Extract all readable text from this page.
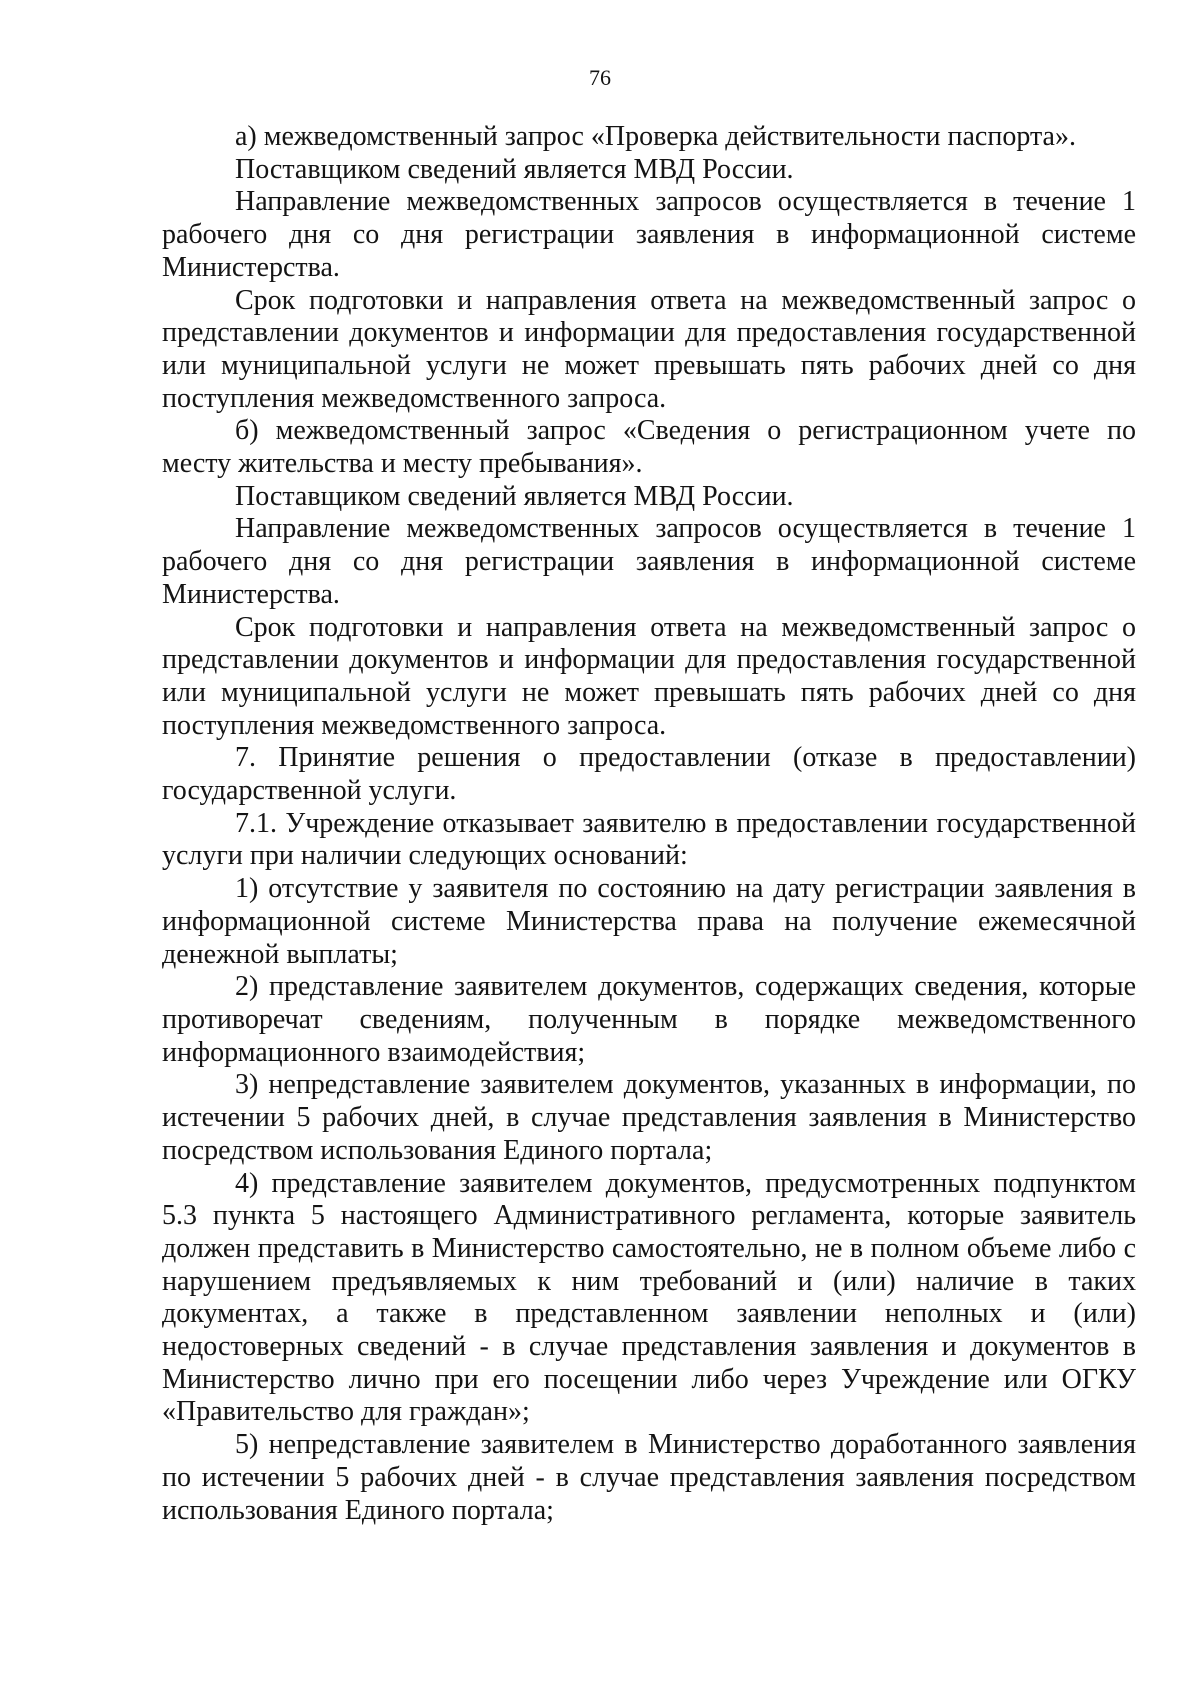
76

а) межведомственный запрос «Проверка действительности паспорта».

Поставщиком сведений является МВД России.

Направление межведомственных запросов осуществляется в течение 1 рабочего дня со дня регистрации заявления в информационной системе Министерства.

Срок подготовки и направления ответа на межведомственный запрос о представлении документов и информации для предоставления государственной или муниципальной услуги не может превышать пять рабочих дней со дня поступления межведомственного запроса.

б) межведомственный запрос «Сведения о регистрационном учете по месту жительства и месту пребывания».

Поставщиком сведений является МВД России.

Направление межведомственных запросов осуществляется в течение 1 рабочего дня со дня регистрации заявления в информационной системе Министерства.

Срок подготовки и направления ответа на межведомственный запрос о представлении документов и информации для предоставления государственной или муниципальной услуги не может превышать пять рабочих дней со дня поступления межведомственного запроса.

7. Принятие решения о предоставлении (отказе в предоставлении) государственной услуги.

7.1. Учреждение отказывает заявителю в предоставлении государственной услуги при наличии следующих оснований:

1) отсутствие у заявителя по состоянию на дату регистрации заявления в информационной системе Министерства права на получение ежемесячной денежной выплаты;

2) представление заявителем документов, содержащих сведения, которые противоречат сведениям, полученным в порядке межведомственного информационного взаимодействия;

3) непредставление заявителем документов, указанных в информации, по истечении 5 рабочих дней, в случае представления заявления в Министерство посредством использования Единого портала;

4) представление заявителем документов, предусмотренных подпунктом 5.3 пункта 5 настоящего Административного регламента, которые заявитель должен представить в Министерство самостоятельно, не в полном объеме либо с нарушением предъявляемых к ним требований и (или) наличие в таких документах, а также в представленном заявлении неполных и (или) недостоверных сведений - в случае представления заявления и документов в Министерство лично при его посещении либо через Учреждение или ОГКУ «Правительство для граждан»;

5) непредставление заявителем в Министерство доработанного заявления по истечении 5 рабочих дней - в случае представления заявления посредством использования Единого портала;
